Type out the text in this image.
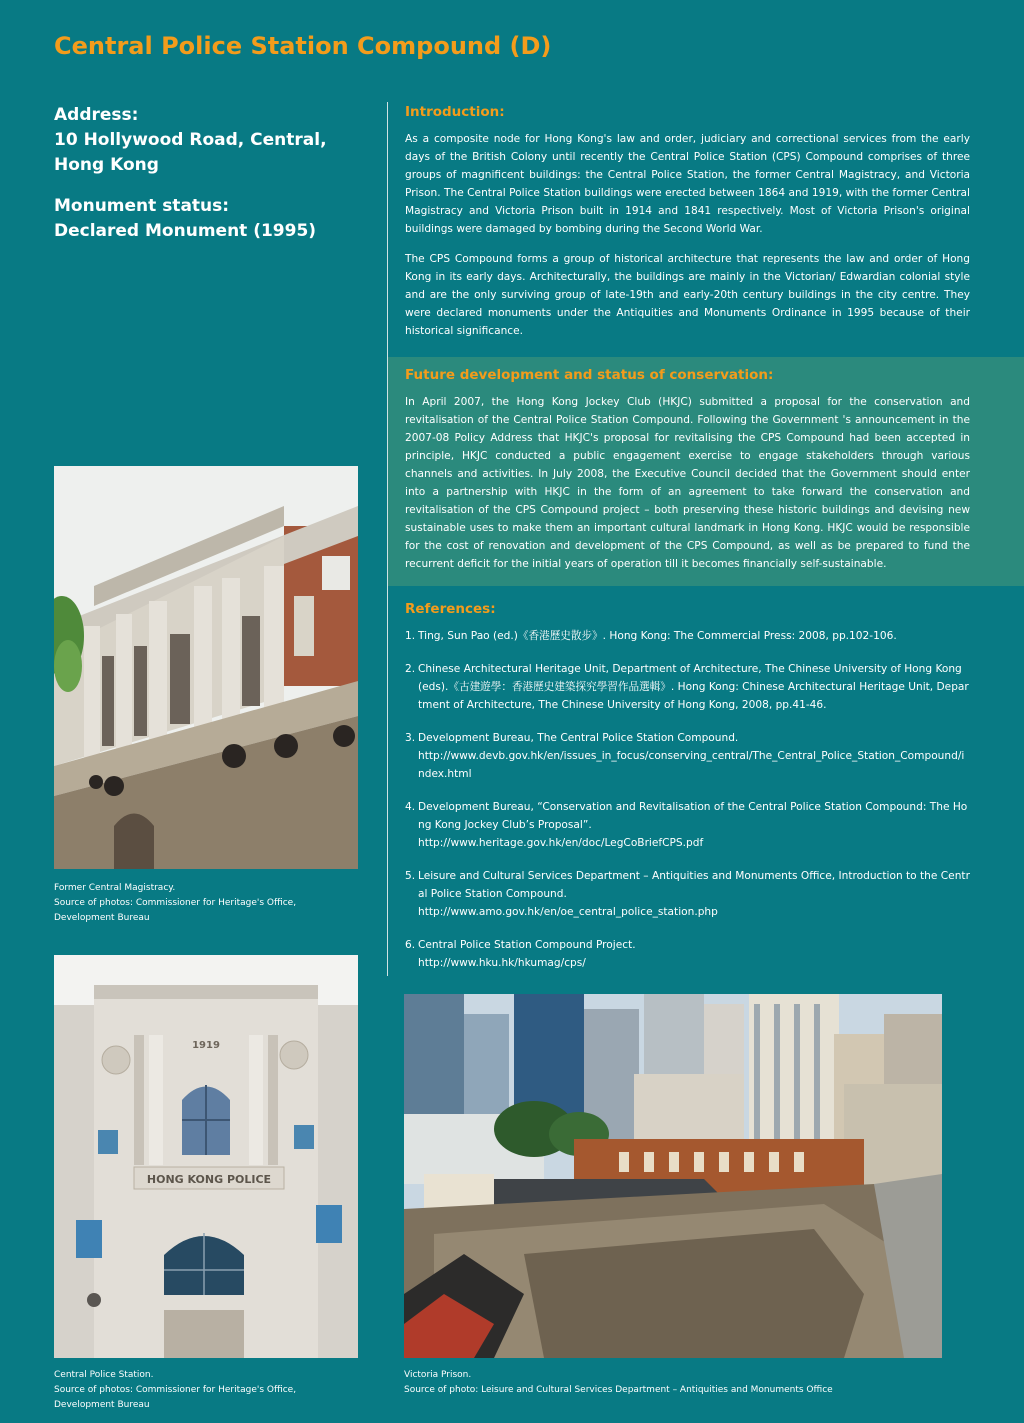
Central Police Station Compound (D)
Address:
10 Hollywood Road, Central,
Hong Kong
Monument status:
Declared Monument (1995)
Introduction:

As a composite node for Hong Kong's law and order, judiciary and correctional services from the early days of the British Colony until recently the Central Police Station (CPS) Compound comprises of three groups of magnificent buildings: the Central Police Station, the former Central Magistracy, and Victoria Prison. The Central Police Station buildings were erected between 1864 and 1919, with the former Central Magistracy and Victoria Prison built in 1914 and 1841 respectively. Most of Victoria Prison's original buildings were damaged by bombing during the Second World War.

The CPS Compound forms a group of historical architecture that represents the law and order of Hong Kong in its early days. Architecturally, the buildings are mainly in the Victorian/ Edwardian colonial style and are the only surviving group of late-19th and early-20th century buildings in the city centre. They were declared monuments under the Antiquities and Monuments Ordinance in 1995 because of their historical significance.

Future development and status of conservation:

In April 2007, the Hong Kong Jockey Club (HKJC) submitted a proposal for the conservation and revitalisation of the Central Police Station Compound. Following the Government 's announcement in the 2007-08 Policy Address that HKJC's proposal for revitalising the CPS Compound had been accepted in principle, HKJC conducted a public engagement exercise to engage stakeholders through various channels and activities. In July 2008, the Executive Council decided that the Government should enter into a partnership with HKJC in the form of an agreement to take forward the conservation and revitalisation of the CPS Compound project – both preserving these historic buildings and devising new sustainable uses to make them an important cultural landmark in Hong Kong. HKJC would be responsible for the cost of renovation and development of the CPS Compound, as well as be prepared to fund the recurrent deficit for the initial years of operation till it becomes financially self-sustainable.

References:
1. Ting, Sun Pao (ed.)《香港歷史散步》. Hong Kong: The Commercial Press: 2008, pp.102-106.
2. Chinese Architectural Heritage Unit, Department of Architecture, The Chinese University of Hong Kong (eds).《古建遊學：香港歷史建築探究學習作品選輯》. Hong Kong: Chinese Architectural Heritage Unit, Department of Architecture, The Chinese University of Hong Kong, 2008, pp.41-46.
3. Development Bureau, The Central Police Station Compound.
http://www.devb.gov.hk/en/issues_in_focus/conserving_central/The_Central_Police_Station_Compound/index.html
4. Development Bureau, “Conservation and Revitalisation of the Central Police Station Compound: The Hong Kong Jockey Club’s Proposal”.
http://www.heritage.gov.hk/en/doc/LegCoBriefCPS.pdf
5. Leisure and Cultural Services Department – Antiquities and Monuments Office, Introduction to the Central Police Station Compound.
http://www.amo.gov.hk/en/oe_central_police_station.php
6. Central Police Station Compound Project.
http://www.hku.hk/hkumag/cps/
Former Central Magistracy.
Source of photos: Commissioner for Heritage's Office,
Development Bureau
1919
HONG KONG POLICE
Central Police Station.
Source of photos: Commissioner for Heritage's Office,
Development Bureau
Victoria Prison.
Source of photo: Leisure and Cultural Services Department – Antiquities and Monuments Office
